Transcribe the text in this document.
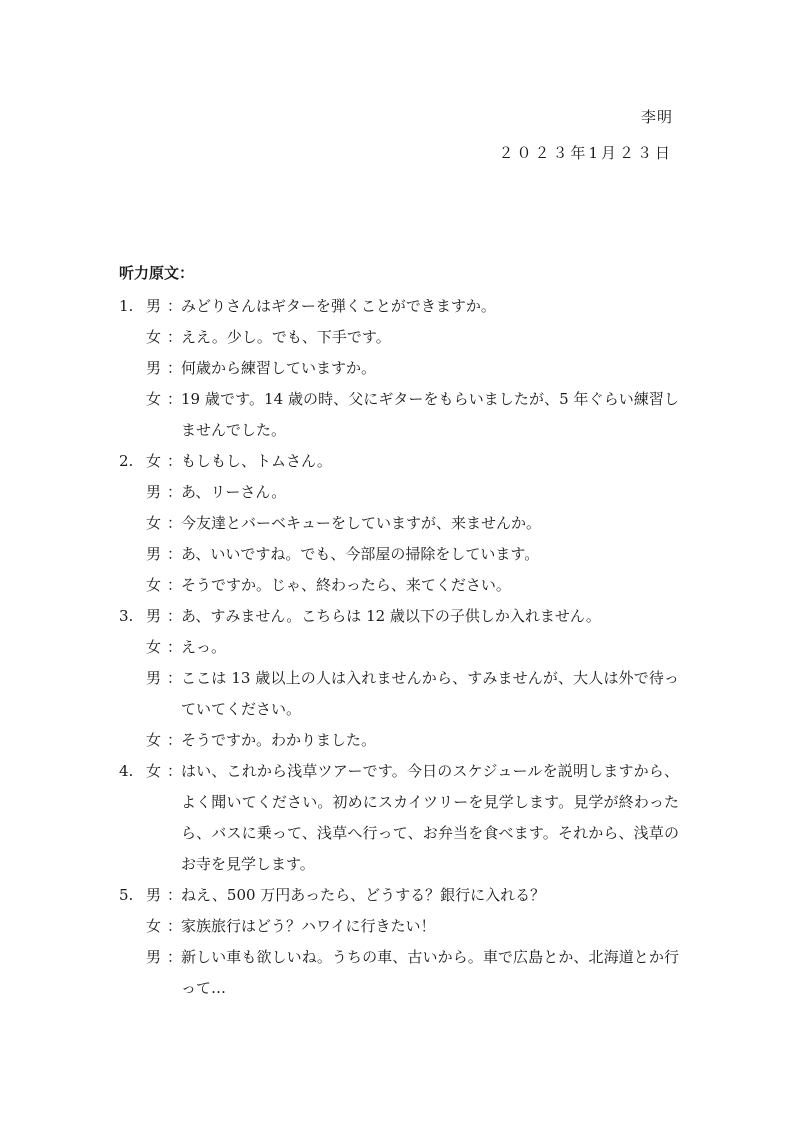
李明
２０２３年1月２３日
听力原文：
1. 男 ：
みどりさんはギターを弾くことができますか。
女 ：
ええ。少し。でも、下手です。
男 ：
何歳から練習していますか。
女 ：
19 歳です。14 歳の時、父にギターをもらいましたが、5 年ぐらい練習しませんでした。
2. 女 ：
もしもし、トムさん。
男 ：
あ、リーさん。
女 ：
今友達とバーベキューをしていますが、来ませんか。
男 ：
あ、いいですね。でも、今部屋の掃除をしています。
女 ：
そうですか。じゃ、終わったら、来てください。
3. 男 ：
あ、すみません。こちらは 12 歳以下の子供しか入れません。
女 ：
えっ。
男 ：
ここは 13 歳以上の人は入れませんから、すみませんが、大人は外で待っていてください。
女 ：
そうですか。わかりました。
4. 女 ：
はい、これから浅草ツアーです。今日のスケジュールを説明しますから、よく聞いてください。初めにスカイツリーを見学します。見学が終わったら、バスに乗って、浅草へ行って、お弁当を食べます。それから、浅草のお寺を見学します。
5. 男 ：
ねえ、500 万円あったら、どうする？銀行に入れる？
女 ：
家族旅行はどう？ハワイに行きたい！
男 ：
新しい車も欲しいね。うちの車、古いから。車で広島とか、北海道とか行って…
